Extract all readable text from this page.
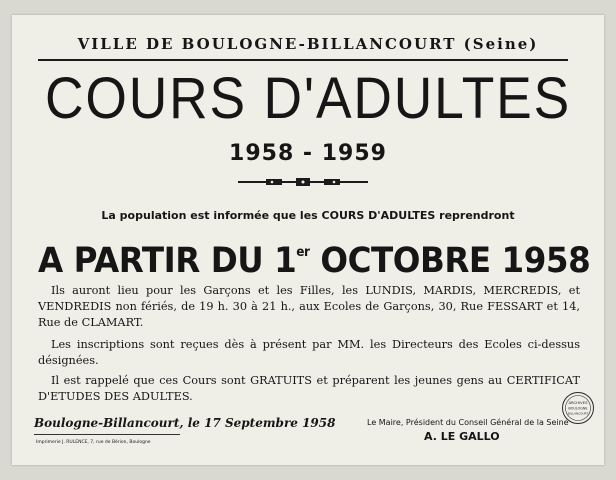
VILLE DE BOULOGNE-BILLANCOURT (Seine)
COURS D'ADULTES
1958 - 1959
La population est informée que les COURS D'ADULTES reprendront
A PARTIR DU 1er OCTOBRE 1958
Ils auront lieu pour les Garçons et les Filles, les LUNDIS, MARDIS, MERCREDIS, et VENDREDIS non fériés, de 19 h. 30 à 21 h., aux Ecoles de Garçons, 30, Rue FESSART et 14, Rue de CLAMART.
Les inscriptions sont reçues dès à présent par MM. les Directeurs des Ecoles ci-dessus désignées.
Il est rappelé que ces Cours sont GRATUITS et préparent les jeunes gens au CERTIFICAT D'ETUDES DES ADULTES.
Boulogne-Billancourt, le 17 Septembre 1958	Le Maire, Président du Conseil Général de la Seine
A. LE GALLO
ARCHIVES
BOULOGNE
BILLANCOURT
Imprimerie J. RULENCE, 7, rue de Bérion, Boulogne
